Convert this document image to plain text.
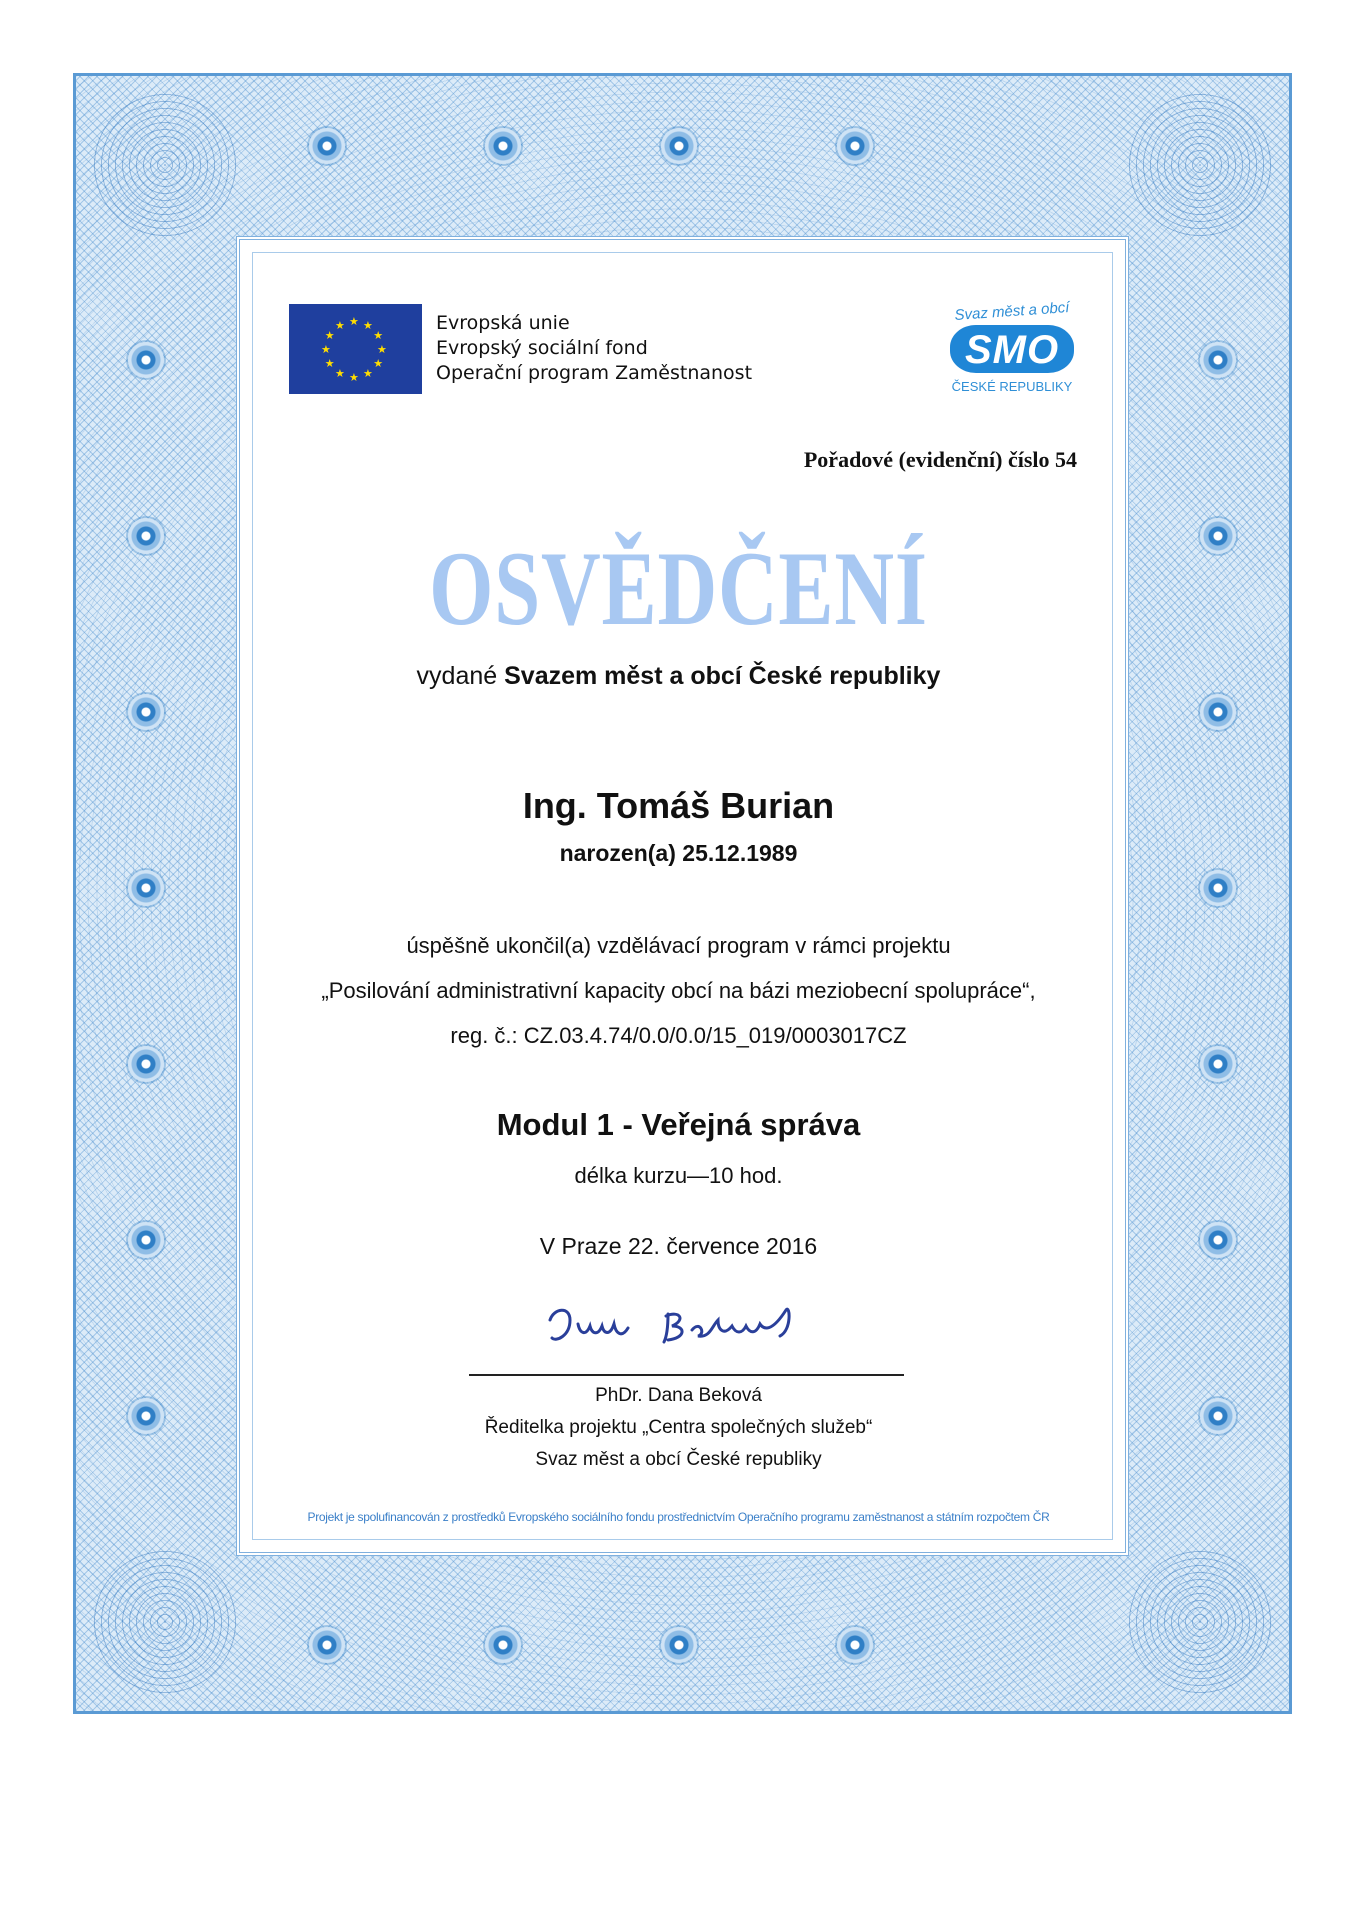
★
★
★
★
★
★
★
★
★ ★ ★
★
Evropská unie
Evropský sociální fond
Operační program Zaměstnanost
Svaz měst a obcí
SMO
ČESKÉ REPUBLIKY
Pořadové (evidenční) číslo 54
OSVĚDČENÍ
vydané Svazem měst a obcí České republiky
Ing. Tomáš Burian
narozen(a) 25.12.1989
úspěšně ukončil(a) vzdělávací program v rámci projektu
„Posilování administrativní kapacity obcí na bázi meziobecní spolupráce“,
reg. č.: CZ.03.4.74/0.0/0.0/15_019/0003017CZ
Modul 1 - Veřejná správa
délka kurzu—10 hod.
V Praze 22. července 2016
PhDr. Dana Beková
Ředitelka projektu „Centra společných služeb“
Svaz měst a obcí České republiky
Projekt je spolufinancován z prostředků Evropského sociálního fondu prostřednictvím Operačního programu zaměstnanost a státním rozpočtem ČR
